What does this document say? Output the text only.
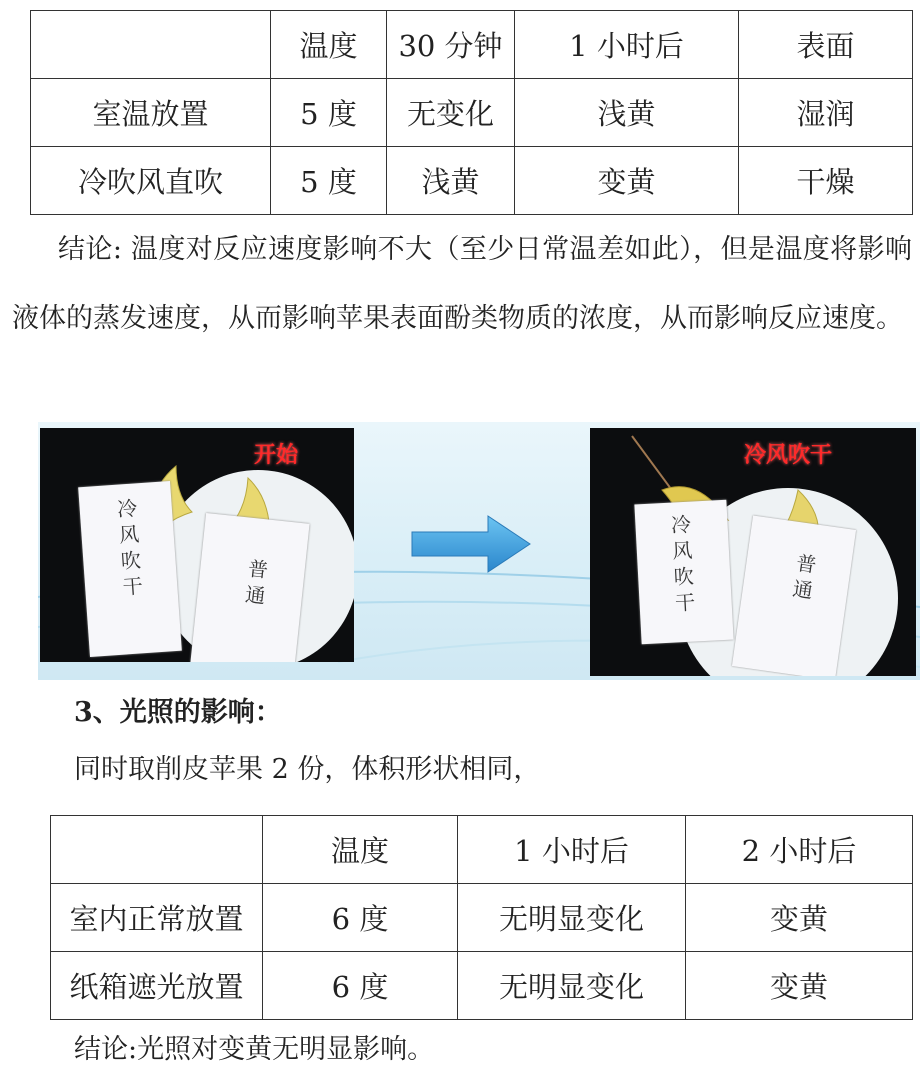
	温度	30 分钟	1 小时后	表面
室温放置	5 度	无变化	浅黄	湿润
冷吹风直吹	5 度	浅黄	变黄	干燥

结论: 温度对反应速度影响不大（至少日常温差如此），但是温度将影响液体的蒸发速度，从而影响苹果表面酚类物质的浓度，从而影响反应速度。

冷风吹干	普通
开始
冷风吹干	普通
冷风吹干

3、光照的影响：

同时取削皮苹果 2 份，体积形状相同，

	温度	1 小时后	2 小时后
室内正常放置	6 度	无明显变化	变黄
纸箱遮光放置	6 度	无明显变化	变黄

结论:光照对变黄无明显影响。
